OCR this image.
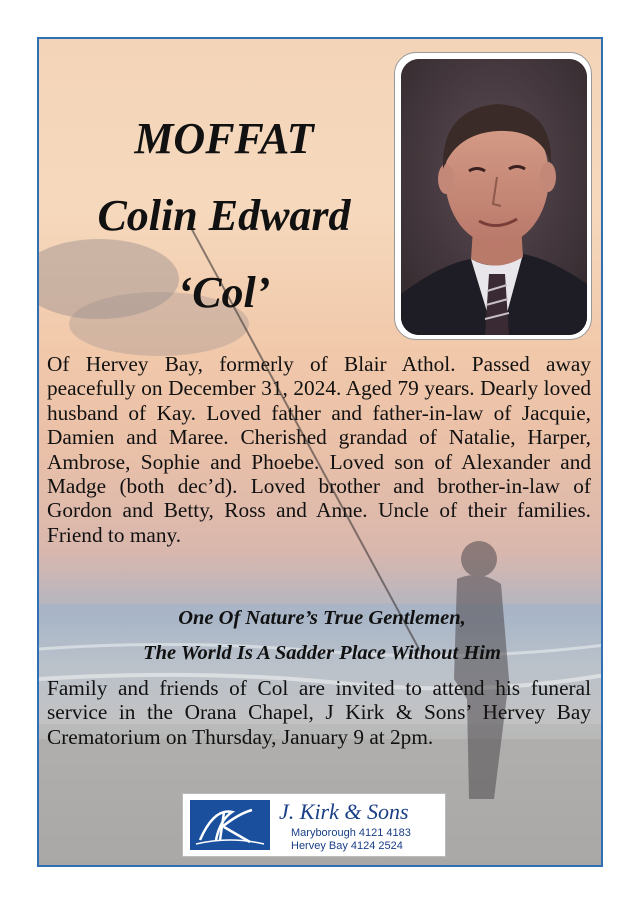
MOFFAT
Colin Edward
‘Col’

Of Hervey Bay, formerly of Blair Athol. Passed away peacefully on December 31, 2024. Aged 79 years. Dearly loved husband of Kay. Loved father and father-in-law of Jacquie, Damien and Maree. Cherished grandad of Natalie, Harper, Ambrose, Sophie and Phoebe. Loved son of Alexander and Madge (both dec’d). Loved brother and brother-in-law of Gordon and Betty, Ross and Anne. Uncle of their families. Friend to many.

One Of Nature’s True Gentlemen,

The World Is A Sadder Place Without Him

Family and friends of Col are invited to attend his funeral service in the Orana Chapel, J Kirk & Sons’ Hervey Bay Crematorium on Thursday, January 9 at 2pm.

J. Kirk & Sons
Maryborough 4121 4183
Hervey Bay 4124 2524
